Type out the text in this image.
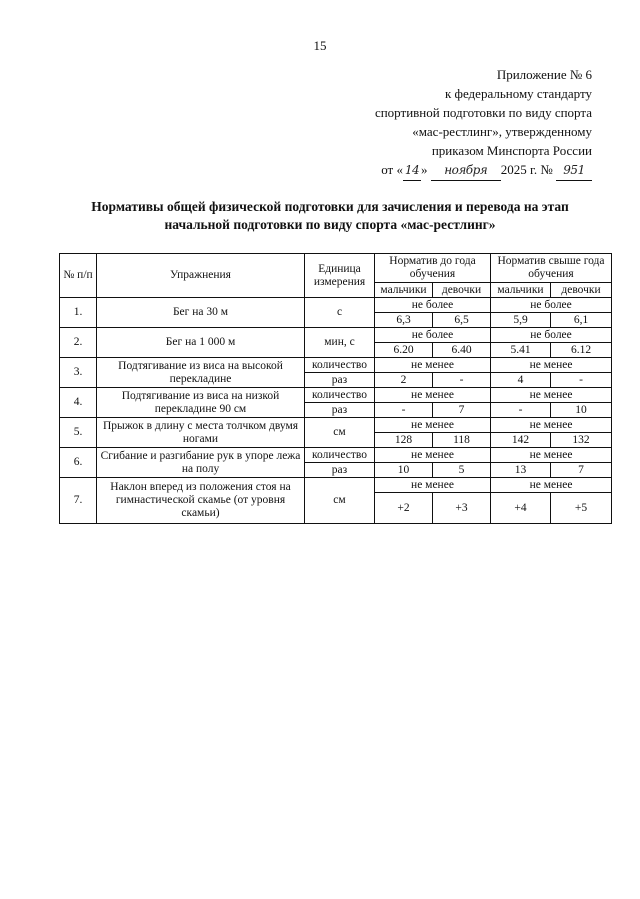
15
Приложение № 6
к федеральному стандарту
спортивной подготовки по виду спорта
«мас-рестлинг», утвержденному
приказом Минспорта России
от « 14 » ноября 2025 г. № 951
Нормативы общей физической подготовки для зачисления и перевода на этап
начальной подготовки по виду спорта «мас-рестлинг»
№ п/п	Упражнения	Единица измерения	Норматив до года обучения		Норматив свыше года обучения	
			мальчики	девочки	мальчики	девочки
1.	Бег на 30 м	с	не более		не более	
			6,3	6,5	5,9	6,1
2.	Бег на 1 000 м	мин, с	не более		не более	
			6.20	6.40	5.41	6.12
3.	Подтягивание из виса на высокой перекладине	количество	не менее		не менее	
		раз	2	-	4	-
4.	Подтягивание из виса на низкой перекладине 90 см	количество	не менее		не менее	
		раз	-	7	-	10
5.	Прыжок в длину с места толчком двумя ногами	см	не менее		не менее	
			128	118	142	132
6.	Сгибание и разгибание рук в упоре лежа на полу	количество	не менее		не менее	
		раз	10	5	13	7
7.	Наклон вперед из положения стоя на гимнастической скамье (от уровня скамьи)	см	не менее		не менее	
			+2	+3	+4	+5
